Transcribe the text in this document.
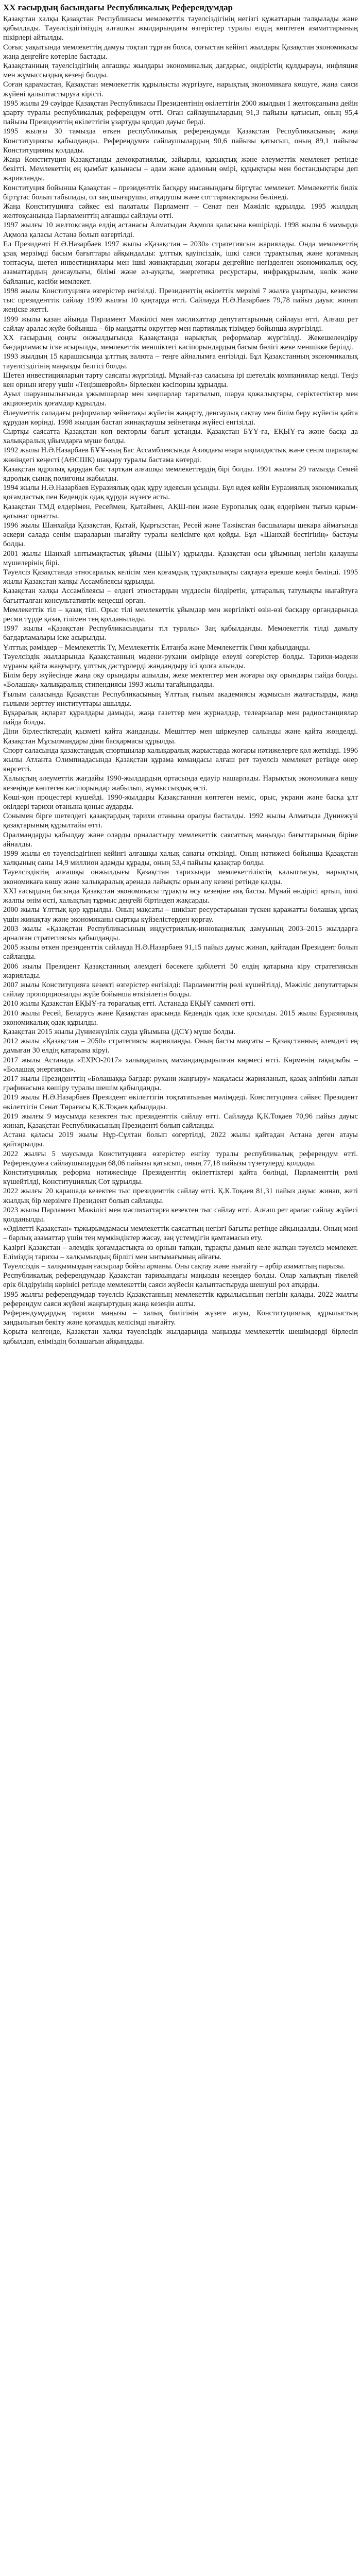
ХХ ғасырдың басындағы Республикалық Референдумдар

Қазақстан халқы Қазақстан Республикасы мемлекеттік тәуелсіздігінің негізгі құжаттарын талқылады және қабылдады. Тәуелсіздігіміздің алғашқы жылдарындағы өзгерістер туралы елдің көптеген азаматтарының пікірлері айтылды.

Соғыс уақытында мемлекеттің дамуы тоқтап тұрған болса, соғыстан кейінгі жылдары Қазақстан экономикасы жаңа деңгейге көтеріле бастады.

Қазақстанның тәуелсіздігінің алғашқы жылдары экономикалық дағдарыс, өндірістің құлдырауы, инфляция мен жұмыссыздық кезеңі болды.

Соған қарамастан, Қазақстан мемлекеттік құрылысты жүргізуге, нарықтық экономикаға көшуге, жаңа саяси жүйені қалыптастыруға кірісті.

1995 жылы 29 сәуірде Қазақстан Республикасы Президентінің өкілеттігін 2000 жылдың 1 желтоқсанына дейін ұзарту туралы республикалық референдум өтті. Оған сайлаушылардың 91,3 пайызы қатысып, оның 95,4 пайызы Президенттің өкілеттігін ұзартуды қолдап дауыс берді.

1995 жылғы 30 тамызда өткен республикалық референдумда Қазақстан Республикасының жаңа Конституциясы қабылданды. Референдумға сайлаушылардың 90,6 пайызы қатысып, оның 89,1 пайызы Конституцияны қолдады.

Жаңа Конституция Қазақстанды демократиялық, зайырлы, құқықтық және әлеуметтік мемлекет ретінде бекітті. Мемлекеттің ең қымбат қазынасы – адам және адамның өмірі, құқықтары мен бостандықтары деп жарияланды.

Конституция бойынша Қазақстан – президенттік басқару нысанындағы біртұтас мемлекет. Мемлекеттік билік біртұтас болып табылады, ол заң шығарушы, атқарушы және сот тармақтарына бөлінеді.

Жаңа Конституцияға сәйкес екі палаталы Парламент – Сенат пен Мәжіліс құрылды. 1995 жылдың желтоқсанында Парламенттің алғашқы сайлауы өтті.

1997 жылғы 10 желтоқсанда елдің астанасы Алматыдан Ақмола қаласына көшірілді. 1998 жылы 6 мамырда Ақмола қаласы Астана болып өзгертілді.

Ел Президенті Н.Ә.Назарбаев 1997 жылы «Қазақстан – 2030» стратегиясын жариялады. Онда мемлекеттің ұзақ мерзімді басым бағыттары айқындалды: ұлттық қауіпсіздік, ішкі саяси тұрақтылық және қоғамның топтасуы, шетел инвестициялары мен ішкі жинақтардың жоғары деңгейіне негізделген экономикалық өсу, азаматтардың денсаулығы, білімі және әл-ауқаты, энергетика ресурстары, инфрақұрылым, көлік және байланыс, кәсіби мемлекет.

1998 жылы Конституцияға өзгерістер енгізілді. Президенттің өкілеттік мерзімі 7 жылға ұзартылды, кезектен тыс президенттік сайлау 1999 жылғы 10 қаңтарда өтті. Сайлауда Н.Ә.Назарбаев 79,78 пайыз дауыс жинап жеңіске жетті.

1999 жылы қазан айында Парламент Мәжілісі мен мәслихаттар депутаттарының сайлауы өтті. Алғаш рет сайлау аралас жүйе бойынша – бір мандатты округтер мен партиялық тізімдер бойынша жүргізілді.

ХХ ғасырдың соңғы онжылдығында Қазақстанда нарықтық реформалар жүргізілді. Жекешелендіру бағдарламасы іске асырылды, мемлекеттік меншіктегі кәсіпорындардың басым бөлігі жеке меншікке берілді.

1993 жылдың 15 қарашасында ұлттық валюта – теңге айналымға енгізілді. Бұл Қазақстанның экономикалық тәуелсіздігінің маңызды белгісі болды.

Шетел инвестицияларын тарту саясаты жүргізілді. Мұнай-газ саласына ірі шетелдік компаниялар келді. Теңіз кен орнын игеру үшін «Теңізшевройл» бірлескен кәсіпорны құрылды.

Ауыл шаруашылығында ұжымшарлар мен кеңшарлар таратылып, шаруа қожалықтары, серіктестіктер мен акционерлік қоғамдар құрылды.

Әлеуметтік саладағы реформалар зейнетақы жүйесін жаңарту, денсаулық сақтау мен білім беру жүйесін қайта құрудан көрінді. 1998 жылдан бастап жинақтаушы зейнетақы жүйесі енгізілді.

Сыртқы саясатта Қазақстан көп векторлы бағыт ұстанды. Қазақстан БҰҰ-ға, ЕҚЫҰ-ға және басқа да халықаралық ұйымдарға мүше болды.

1992 жылы Н.Ә.Назарбаев БҰҰ-ның Бас Ассамблеясында Азиядағы өзара ықпалдастық және сенім шаралары жөніндегі кеңесті (АӨСШК) шақыру туралы бастама көтерді.

Қазақстан ядролық қарудан бас тартқан алғашқы мемлекеттердің бірі болды. 1991 жылғы 29 тамызда Семей ядролық сынақ полигоны жабылды.

1994 жылы Н.Ә.Назарбаев Еуразиялық одақ құру идеясын ұсынды. Бұл идея кейін Еуразиялық экономикалық қоғамдастық пен Кедендік одақ құруда жүзеге асты.

Қазақстан ТМД елдерімен, Ресеймен, Қытаймен, АҚШ-пен және Еуропалық одақ елдерімен тығыз қарым-қатынас орнатты.

1996 жылы Шанхайда Қазақстан, Қытай, Қырғызстан, Ресей және Тәжікстан басшылары шекара аймағында әскери салада сенім шараларын нығайту туралы келісімге қол қойды. Бұл «Шанхай бестігінің» бастауы болды.

2001 жылы Шанхай ынтымақтастық ұйымы (ШЫҰ) құрылды. Қазақстан осы ұйымның негізін қалаушы мүшелерінің бірі.

Тәуелсіз Қазақстанда этносаралық келісім мен қоғамдық тұрақтылықты сақтауға ерекше көңіл бөлінді. 1995 жылы Қазақстан халқы Ассамблеясы құрылды.

Қазақстан халқы Ассамблеясы – елдегі этностардың мүддесін білдіретін, ұлтаралық татулықты нығайтуға бағытталған консультативтік-кеңесші орган.

Мемлекеттік тіл – қазақ тілі. Орыс тілі мемлекеттік ұйымдар мен жергілікті өзін-өзі басқару органдарында ресми түрде қазақ тілімен тең қолданылады.

1997 жылы «Қазақстан Республикасындағы тіл туралы» Заң қабылданды. Мемлекеттік тілді дамыту бағдарламалары іске асырылды.

Ұлттық рәміздер – Мемлекеттік Ту, Мемлекеттік Елтаңба және Мемлекеттік Гимн қабылданды.

Тәуелсіздік жылдарында Қазақстанның мәдени-рухани өмірінде елеулі өзгерістер болды. Тарихи-мәдени мұраны қайта жаңғырту, ұлттық дәстүрлерді жандандыру ісі қолға алынды.

Білім беру жүйесінде жаңа оқу орындары ашылды, жеке мектептер мен жоғары оқу орындары пайда болды. «Болашақ» халықаралық стипендиясы 1993 жылы тағайындалды.

Ғылым саласында Қазақстан Республикасының Ұлттық ғылым академиясы жұмысын жалғастырды, жаңа ғылыми-зерттеу институттары ашылды.

Бұқаралық ақпарат құралдары дамыды, жаңа газеттер мен журналдар, телеарналар мен радиостанциялар пайда болды.

Діни бірлестіктердің қызметі қайта жанданды. Мешіттер мен шіркеулер салынды және қайта жөнделді. Қазақстан Мұсылмандары діни басқармасы құрылды.

Спорт саласында қазақстандық спортшылар халықаралық жарыстарда жоғары нәтижелерге қол жеткізді. 1996 жылы Атланта Олимпиадасында Қазақстан құрама командасы алғаш рет тәуелсіз мемлекет ретінде өнер көрсетті.

Халықтың әлеуметтік жағдайы 1990-жылдардың ортасында едәуір нашарлады. Нарықтық экономикаға көшу кезеңінде көптеген кәсіпорындар жабылып, жұмыссыздық өсті.

Көші-қон процестері күшейді. 1990-жылдары Қазақстаннан көптеген неміс, орыс, украин және басқа ұлт өкілдері тарихи отанына қоныс аударды.

Сонымен бірге шетелдегі қазақтардың тарихи отанына оралуы басталды. 1992 жылы Алматыда Дүниежүзі қазақтарының құрылтайы өтті.

Оралмандарды қабылдау және оларды орналастыру мемлекеттік саясаттың маңызды бағыттарының біріне айналды.

1999 жылы ел тәуелсіздігінен кейінгі алғашқы халық санағы өткізілді. Оның нәтижесі бойынша Қазақстан халқының саны 14,9 миллион адамды құрады, оның 53,4 пайызы қазақтар болды.

Тәуелсіздіктің алғашқы онжылдығы Қазақстан тарихында мемлекеттіліктің қалыптасуы, нарықтық экономикаға көшу және халықаралық аренада лайықты орын алу кезеңі ретінде қалды.

ХХІ ғасырдың басында Қазақстан экономикасы тұрақты өсу кезеңіне аяқ басты. Мұнай өндірісі артып, ішкі жалпы өнім өсті, халықтың тұрмыс деңгейі біртіндеп жақсарды.

2000 жылы Ұлттық қор құрылды. Оның мақсаты – шикізат ресурстарынан түскен қаражатты болашақ ұрпақ үшін жинақтау және экономиканы сыртқы күйзелістерден қорғау.

2003 жылы «Қазақстан Республикасының индустриялық-инновациялық дамуының 2003–2015 жылдарға арналған стратегиясы» қабылданды.

2005 жылы өткен президенттік сайлауда Н.Ә.Назарбаев 91,15 пайыз дауыс жинап, қайтадан Президент болып сайланды.

2006 жылы Президент Қазақстанның әлемдегі бәсекеге қабілетті 50 елдің қатарына кіру стратегиясын жариялады.

2007 жылы Конституцияға кезекті өзгерістер енгізілді: Парламенттің рөлі күшейтілді, Мәжіліс депутаттарын сайлау пропорционалды жүйе бойынша өткізілетін болды.

2010 жылы Қазақстан ЕҚЫҰ-ға төрағалық етті. Астанада ЕҚЫҰ саммиті өтті.

2010 жылы Ресей, Беларусь және Қазақстан арасында Кедендік одақ іске қосылды. 2015 жылы Еуразиялық экономикалық одақ құрылды.

Қазақстан 2015 жылы Дүниежүзілік сауда ұйымына (ДСҰ) мүше болды.

2012 жылы «Қазақстан – 2050» стратегиясы жарияланды. Оның басты мақсаты – Қазақстанның әлемдегі ең дамыған 30 елдің қатарына кіруі.

2017 жылы Астанада «EXPO-2017» халықаралық мамандандырылған көрмесі өтті. Көрменің тақырыбы – «Болашақ энергиясы».

2017 жылы Президенттің «Болашаққа бағдар: рухани жаңғыру» мақаласы жарияланып, қазақ әліпбиін латын графикасына көшіру туралы шешім қабылданды.

2019 жылы Н.Ә.Назарбаев Президент өкілеттігін тоқтататынын мәлімдеді. Конституцияға сәйкес Президент өкілеттігін Сенат Төрағасы Қ.К.Тоқаев қабылдады.

2019 жылғы 9 маусымда кезектен тыс президенттік сайлау өтті. Сайлауда Қ.К.Тоқаев 70,96 пайыз дауыс жинап, Қазақстан Республикасының Президенті болып сайланды.

Астана қаласы 2019 жылы Нұр-Сұлтан болып өзгертілді, 2022 жылы қайтадан Астана деген атауы қайтарылды.

2022 жылғы 5 маусымда Конституцияға өзгерістер енгізу туралы республикалық референдум өтті. Референдумға сайлаушылардың 68,06 пайызы қатысып, оның 77,18 пайызы түзетулерді қолдады.

Конституциялық реформа нәтижесінде Президенттің өкілеттіктері қайта бөлінді, Парламенттің рөлі күшейтілді, Конституциялық Сот құрылды.

2022 жылғы 20 қарашада кезектен тыс президенттік сайлау өтті. Қ.К.Тоқаев 81,31 пайыз дауыс жинап, жеті жылдық бір мерзімге Президент болып сайланды.

2023 жылы Парламент Мәжілісі мен мәслихаттарға кезектен тыс сайлау өтті. Алғаш рет аралас сайлау жүйесі қолданылды.

«Әділетті Қазақстан» тұжырымдамасы мемлекеттік саясаттың негізгі бағыты ретінде айқындалды. Оның мәні – барлық азаматтар үшін тең мүмкіндіктер жасау, заң үстемдігін қамтамасыз ету.

Қазіргі Қазақстан – әлемдік қоғамдастықта өз орнын тапқан, тұрақты дамып келе жатқан тәуелсіз мемлекет. Еліміздің тарихы – халқымыздың бірлігі мен ынтымағының айғағы.

Тәуелсіздік – халқымыздың ғасырлар бойғы арманы. Оны сақтау және нығайту – әрбір азаматтың парызы.

Республикалық референдумдар Қазақстан тарихындағы маңызды кезеңдер болды. Олар халықтың тікелей ерік білдіруінің көрінісі ретінде мемлекеттің саяси жүйесін қалыптастыруда шешуші рөл атқарды.

1995 жылғы референдумдар тәуелсіз Қазақстанның мемлекеттік құрылысының негізін қалады. 2022 жылғы референдум саяси жүйені жаңғыртудың жаңа кезеңін ашты.

Референдумдардың тарихи маңызы – халық билігінің жүзеге асуы, Конституциялық құрылыстың заңдылығын бекіту және қоғамдық келісімді нығайту.

Қорыта келгенде, Қазақстан халқы тәуелсіздік жылдарында маңызды мемлекеттік шешімдерді бірлесіп қабылдап, еліміздің болашағын айқындады.
